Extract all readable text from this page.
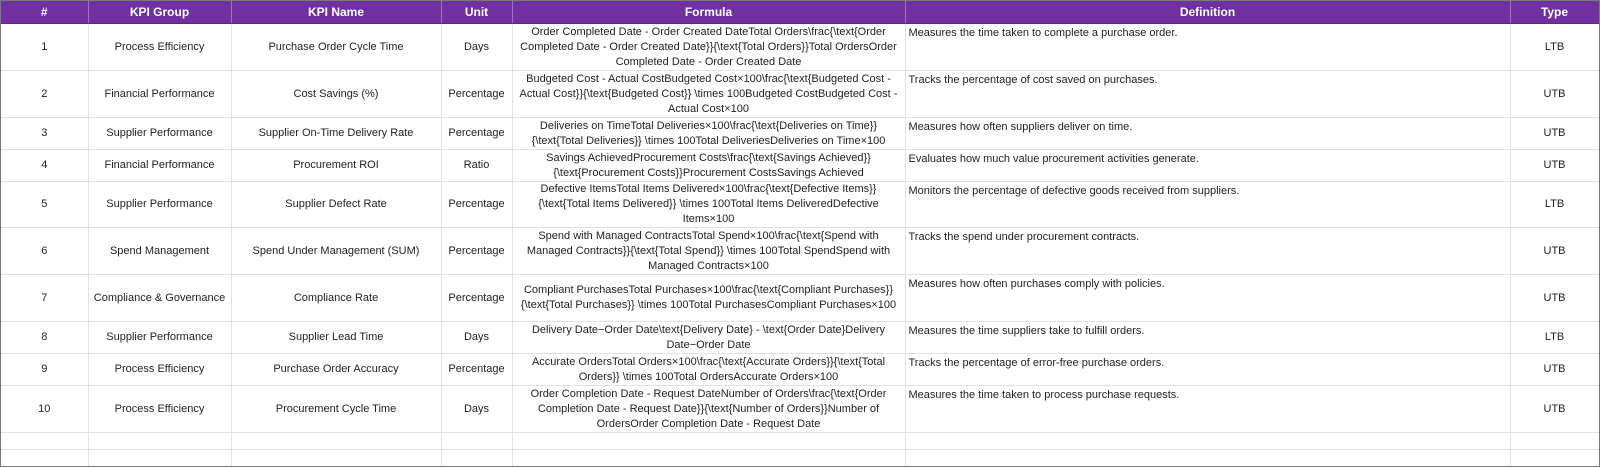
#	KPI Group	KPI Name	Unit	Formula	Definition	Type
1	Process Efficiency	Purchase Order Cycle Time	Days	Order Completed Date - Order Created DateTotal Orders\frac{\text{Order Completed Date - Order Created Date}}{\text{Total Orders}}Total OrdersOrder Completed Date - Order Created Date	Measures the time taken to complete a purchase order.	LTB
2	Financial Performance	Cost Savings (%)	Percentage	Budgeted Cost - Actual CostBudgeted Cost×100\frac{\text{Budgeted Cost - Actual Cost}}{\text{Budgeted Cost}} \times 100Budgeted CostBudgeted Cost - Actual Cost×100	Tracks the percentage of cost saved on purchases.	UTB
3	Supplier Performance	Supplier On-Time Delivery Rate	Percentage	Deliveries on TimeTotal Deliveries×100\frac{\text{Deliveries on Time}}{\text{Total Deliveries}} \times 100Total DeliveriesDeliveries on Time×100	Measures how often suppliers deliver on time.	UTB
4	Financial Performance	Procurement ROI	Ratio	Savings AchievedProcurement Costs\frac{\text{Savings Achieved}}{\text{Procurement Costs}}Procurement CostsSavings Achieved	Evaluates how much value procurement activities generate.	UTB
5	Supplier Performance	Supplier Defect Rate	Percentage	Defective ItemsTotal Items Delivered×100\frac{\text{Defective Items}}{\text{Total Items Delivered}} \times 100Total Items DeliveredDefective Items×100	Monitors the percentage of defective goods received from suppliers.	LTB
6	Spend Management	Spend Under Management (SUM)	Percentage	Spend with Managed ContractsTotal Spend×100\frac{\text{Spend with Managed Contracts}}{\text{Total Spend}} \times 100Total SpendSpend with Managed Contracts×100	Tracks the spend under procurement contracts.	UTB
7	Compliance & Governance	Compliance Rate	Percentage	Compliant PurchasesTotal Purchases×100\frac{\text{Compliant Purchases}}{\text{Total Purchases}} \times 100Total PurchasesCompliant Purchases×100	Measures how often purchases comply with policies.	UTB
8	Supplier Performance	Supplier Lead Time	Days	Delivery Date−Order Date\text{Delivery Date} - \text{Order Date}Delivery Date−Order Date	Measures the time suppliers take to fulfill orders.	LTB
9	Process Efficiency	Purchase Order Accuracy	Percentage	Accurate OrdersTotal Orders×100\frac{\text{Accurate Orders}}{\text{Total Orders}} \times 100Total OrdersAccurate Orders×100	Tracks the percentage of error-free purchase orders.	UTB
10	Process Efficiency	Procurement Cycle Time	Days	Order Completion Date - Request DateNumber of Orders\frac{\text{Order Completion Date - Request Date}}{\text{Number of Orders}}Number of OrdersOrder Completion Date - Request Date	Measures the time taken to process purchase requests.	UTB
